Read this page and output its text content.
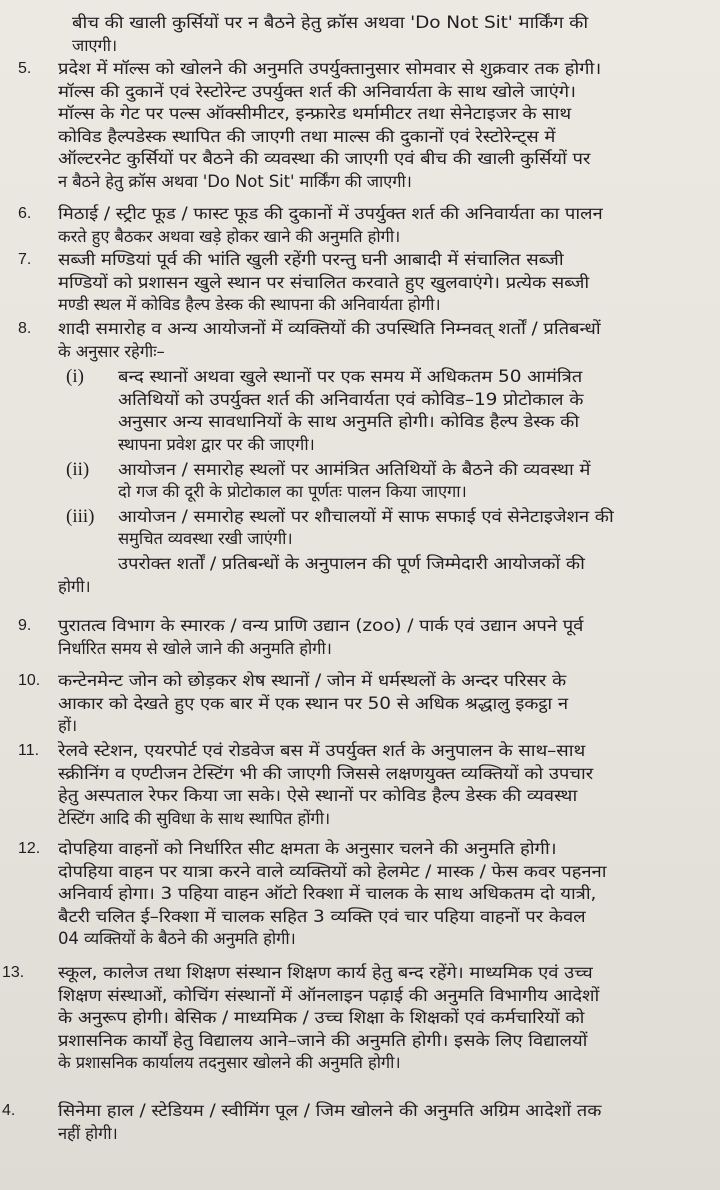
बीच की खाली कुर्सियों पर न बैठने हेतु क्रॉस अथवा 'Do Not Sit' मार्किंग की
जाएगी।
5. प्रदेश में मॉल्स को खोलने की अनुमति उपर्युक्तानुसार सोमवार से शुक्रवार तक होगी।
मॉल्स की दुकानें एवं रेस्टोरेन्ट उपर्युक्त शर्त की अनिवार्यता के साथ खोले जाएंगे।
मॉल्स के गेट पर पल्स ऑक्सीमीटर, इन्फ्रारेड थर्मामीटर तथा सेनेटाइजर के साथ
कोविड हैल्पडेस्क स्थापित की जाएगी तथा माल्स की दुकानों एवं रेस्टोरेन्ट्स में
ऑल्टरनेट कुर्सियों पर बैठने की व्यवस्था की जाएगी एवं बीच की खाली कुर्सियों पर
न बैठने हेतु क्रॉस अथवा 'Do Not Sit' मार्किंग की जाएगी।
6. मिठाई / स्ट्रीट फूड / फास्ट फूड की दुकानों में उपर्युक्त शर्त की अनिवार्यता का पालन
करते हुए बैठकर अथवा खड़े होकर खाने की अनुमति होगी।
7. सब्जी मण्डियां पूर्व की भांति खुली रहेंगी परन्तु घनी आबादी में संचालित सब्जी
मण्डियों को प्रशासन खुले स्थान पर संचालित करवाते हुए खुलवाएंगे। प्रत्येक सब्जी
मण्डी स्थल में कोविड हैल्प डेस्क की स्थापना की अनिवार्यता होगी।
8. शादी समारोह व अन्य आयोजनों में व्यक्तियों की उपस्थिति निम्नवत् शर्तों / प्रतिबन्धों
के अनुसार रहेगीः–
(i) बन्द स्थानों अथवा खुले स्थानों पर एक समय में अधिकतम 50 आमंत्रित
अतिथियों को उपर्युक्त शर्त की अनिवार्यता एवं कोविड–19 प्रोटोकाल के
अनुसार अन्य सावधानियों के साथ अनुमति होगी। कोविड हैल्प डेस्क की
स्थापना प्रवेश द्वार पर की जाएगी।
(ii) आयोजन / समारोह स्थलों पर आमंत्रित अतिथियों के बैठने की व्यवस्था में
दो गज की दूरी के प्रोटोकाल का पूर्णतः पालन किया जाएगा।
(iii) आयोजन / समारोह स्थलों पर शौचालयों में साफ सफाई एवं सेनेटाइजेशन की
समुचित व्यवस्था रखी जाएंगी।
उपरोक्त शर्तों / प्रतिबन्धों के अनुपालन की पूर्ण जिम्मेदारी आयोजकों की
होगी।
9. पुरातत्व विभाग के स्मारक / वन्य प्राणि उद्यान (zoo) / पार्क एवं उद्यान अपने पूर्व
निर्धारित समय से खोले जाने की अनुमति होगी।
10. कन्टेनमेन्ट जोन को छोड़कर शेष स्थानों / जोन में धर्मस्थलों के अन्दर परिसर के
आकार को देखते हुए एक बार में एक स्थान पर 50 से अधिक श्रद्धालु इकट्ठा न
हों।
11. रेलवे स्टेशन, एयरपोर्ट एवं रोडवेज बस में उपर्युक्त शर्त के अनुपालन के साथ–साथ
स्क्रीनिंग व एण्टीजन टेस्टिंग भी की जाएगी जिससे लक्षणयुक्त व्यक्तियों को उपचार
हेतु अस्पताल रेफर किया जा सके। ऐसे स्थानों पर कोविड हैल्प डेस्क की व्यवस्था
टेस्टिंग आदि की सुविधा के साथ स्थापित होंगी।
12. दोपहिया वाहनों को निर्धारित सीट क्षमता के अनुसार चलने की अनुमति होगी।
दोपहिया वाहन पर यात्रा करने वाले व्यक्तियों को हेलमेट / मास्क / फेस कवर पहनना
अनिवार्य होगा। 3 पहिया वाहन ऑटो रिक्शा में चालक के साथ अधिकतम दो यात्री,
बैटरी चलित ई–रिक्शा में चालक सहित 3 व्यक्ति एवं चार पहिया वाहनों पर केवल
04 व्यक्तियों के बैठने की अनुमति होगी।
13. स्कूल, कालेज तथा शिक्षण संस्थान शिक्षण कार्य हेतु बन्द रहेंगे। माध्यमिक एवं उच्च
शिक्षण संस्थाओं, कोचिंग संस्थानों में ऑनलाइन पढ़ाई की अनुमति विभागीय आदेशों
के अनुरूप होगी। बेसिक / माध्यमिक / उच्च शिक्षा के शिक्षकों एवं कर्मचारियों को
प्रशासनिक कार्यों हेतु विद्यालय आने–जाने की अनुमति होगी। इसके लिए विद्यालयों
के प्रशासनिक कार्यालय तदनुसार खोलने की अनुमति होगी।
4.	सिनेमा हाल / स्टेडियम / स्वीमिंग पूल / जिम खोलने की अनुमति अग्रिम आदेशों तक
नहीं होगी।
